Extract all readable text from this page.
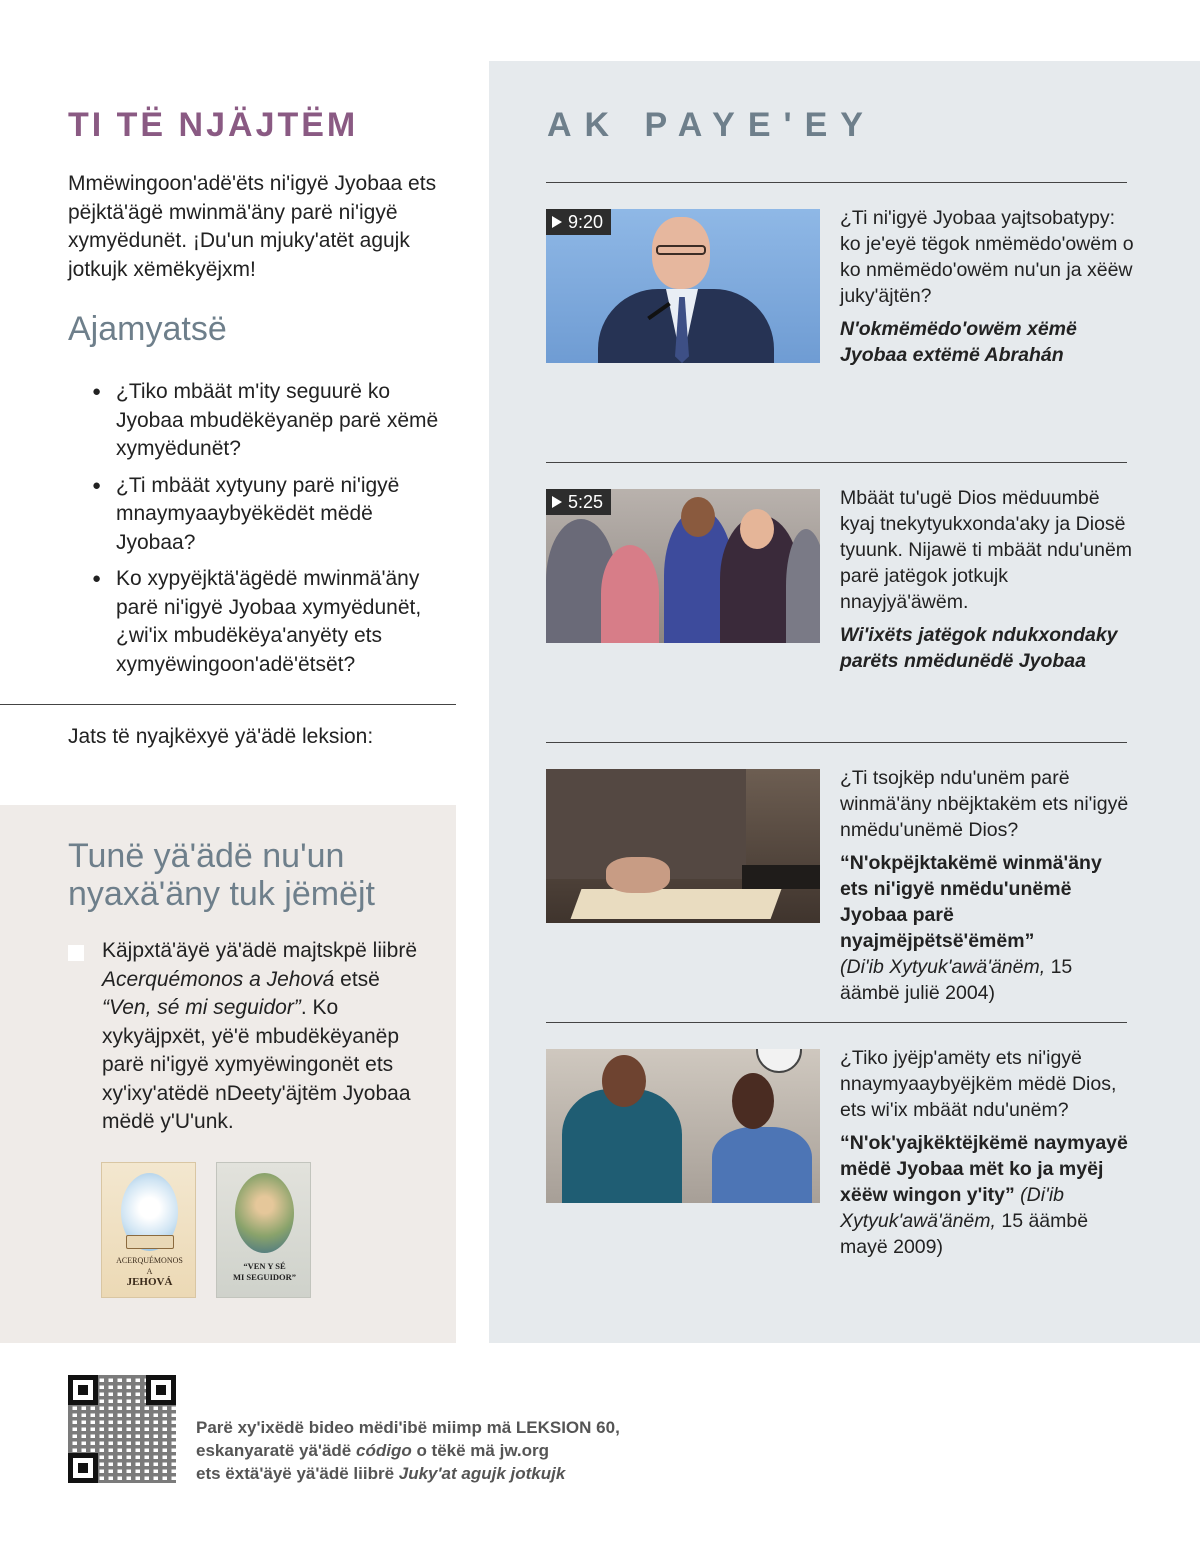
TI TË NJÄJTËM

Mmëwingoon'adë'ëts ni'igyë Jyobaa ets pëjktä'ägë mwinmä'äny parë ni'igyë xymyëdunët. ¡Du'un mjuky'atët agujk jotkujk xëmëkyëjxm!

Ajamyatsë
● ¿Tiko mbäät m'ity seguurë ko Jyobaa mbudëkëyanëp parë xëmë xymyëdunët?
● ¿Ti mbäät xytyuny parë ni'igyë mnaymyaaybyëkëdët mëdë Jyobaa?
● Ko xypyëjktä'ägëdë mwinmä'äny parë ni'igyë Jyobaa xymyëdunët, ¿wi'ix mbudëkëya'anyëty ets xymyëwingoon'adë'ëtsët?
Jats të nyajkëxyë yä'ädë leksion:
Tunë yä'ädë nu'un nyaxä'äny tuk jëmëjt

Käjpxtä'äyë yä'ädë majtskpë liibrë Acerquémonos a Jehová etsë “Ven, sé mi seguidor”. Ko xykyäjpxët, yë'ë mbudëkëyanëp parë ni'igyë xymyëwingonët ets xy'ixy'atëdë nDeety'äjtëm Jyobaa mëdë y'U'unk.

ACERQUÉMONOS
A
JEHOVÁ
“VEN Y SÉ
MI SEGUIDOR”
AK PAYE'EY
9:20	¿Ti ni'igyë Jyobaa yajtsobatypy: ko je'eyë tëgok nmëmëdo'owëm o ko nmëmëdo'owëm nu'un ja xëëw juky'äjtën?
N'okmëmëdo'owëm xëmë Jyobaa extëmë Abrahán
5:25	Mbäät tu'ugë Dios mëduumbë kyaj tnekytyukxonda'aky ja Diosë tyuunk. Nijawë ti mbäät ndu'unëm parë jatëgok jotkujk nnayjyä'äwëm.
Wi'ixëts jatëgok ndukxondaky parëts nmëdunëdë Jyobaa
¿Ti tsojkëp ndu'unëm parë winmä'äny nbëjktakëm ets ni'igyë nmëdu'unëmë Dios?
“N'okpëjktakëmë winmä'äny ets ni'igyë nmëdu'unëmë Jyobaa parë nyajmëjpëtsë'ëmëm”
(Di'ib Xytyuk'awä'änëm, 15 äämbë juliё 2004)
¿Tiko jyëjp'amëty ets ni'igyë nnaymyaaybyëjkëm mëdë Dios, ets wi'ix mbäät ndu'unëm?
“N'ok'yajkëktëjkëmë naymyayë mëdë Jyobaa mët ko ja myëj xëëw wingon y'ity” (Di'ib Xytyuk'awä'änëm, 15 äämbë mayë 2009)
Parë xy'ixëdë bideo mëdi'ibë miimp mä LEKSION 60,
eskanyaratë yä'ädë código o tëkë mä jw.org
ets ëxtä'äyë yä'ädë liibrë Juky'at agujk jotkujk
